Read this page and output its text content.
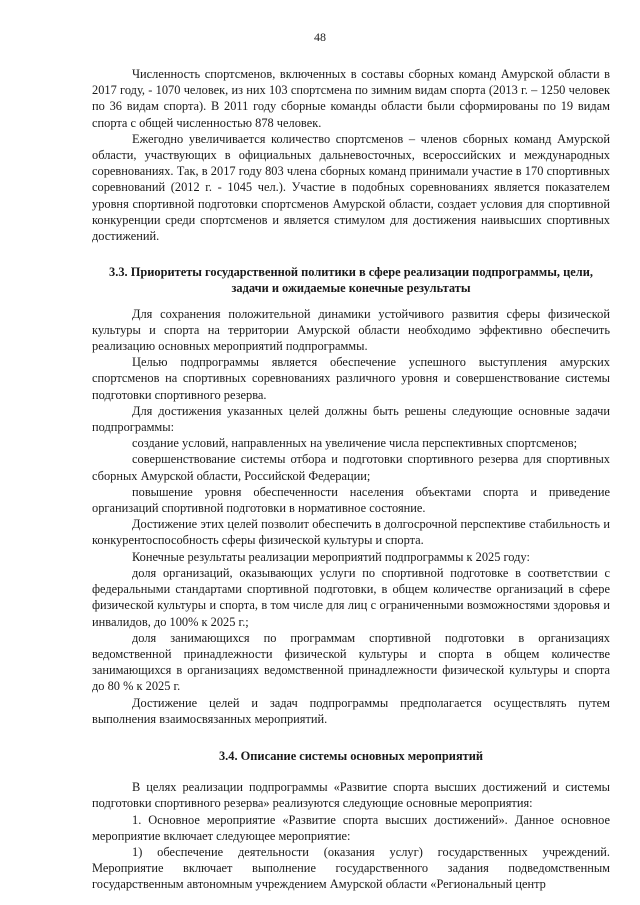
48

Численность спортсменов, включенных в составы сборных команд Амурской области в 2017 году, - 1070 человек, из них 103 спортсмена по зимним видам спорта (2013 г. – 1250 человек по 36 видам спорта). В 2011 году сборные команды области были сформированы по 19 видам спорта с общей численностью 878 человек.

Ежегодно увеличивается количество спортсменов – членов сборных команд Амурской области, участвующих в официальных дальневосточных, всероссийских и международных соревнованиях. Так, в 2017 году 803 члена сборных команд принимали участие в 170 спортивных соревнований (2012 г. - 1045 чел.). Участие в подобных соревнованиях является показателем уровня спортивной подготовки спортсменов Амурской области, создает условия для спортивной конкуренции среди спортсменов и является стимулом для достижения наивысших спортивных достижений.

3.3. Приоритеты государственной политики в сфере реализации подпрограммы, цели, задачи и ожидаемые конечные результаты

Для сохранения положительной динамики устойчивого развития сферы физической культуры и спорта на территории Амурской области необходимо эффективно обеспечить реализацию основных мероприятий подпрограммы.

Целью подпрограммы является обеспечение успешного выступления амурских спортсменов на спортивных соревнованиях различного уровня и совершенствование системы подготовки спортивного резерва.

Для достижения указанных целей должны быть решены следующие основные задачи подпрограммы:

создание условий, направленных на увеличение числа перспективных спортсменов;

совершенствование системы отбора и подготовки спортивного резерва для спортивных сборных Амурской области, Российской Федерации;

повышение уровня обеспеченности населения объектами спорта и приведение организаций спортивной подготовки в нормативное состояние.

Достижение этих целей позволит обеспечить в долгосрочной перспективе стабильность и конкурентоспособность сферы физической культуры и спорта.

Конечные результаты реализации мероприятий подпрограммы к 2025 году:

доля организаций, оказывающих услуги по спортивной подготовке в соответствии с федеральными стандартами спортивной подготовки, в общем количестве организаций в сфере физической культуры и спорта, в том числе для лиц с ограниченными возможностями здоровья и инвалидов, до 100% к 2025 г.;

доля занимающихся по программам спортивной подготовки в организациях ведомственной принадлежности физической культуры и спорта в общем количестве занимающихся в организациях ведомственной принадлежности физической культуры и спорта до 80 % к 2025 г.

Достижение целей и задач подпрограммы предполагается осуществлять путем выполнения взаимосвязанных мероприятий.

3.4. Описание системы основных мероприятий

В целях реализации подпрограммы «Развитие спорта высших достижений и системы подготовки спортивного резерва» реализуются следующие основные мероприятия:

1. Основное мероприятие «Развитие спорта высших достижений». Данное основное мероприятие включает следующее мероприятие:

1) обеспечение деятельности (оказания услуг) государственных учреждений. Мероприятие включает выполнение государственного задания подведомственным государственным автономным учреждением Амурской области «Региональный центр
